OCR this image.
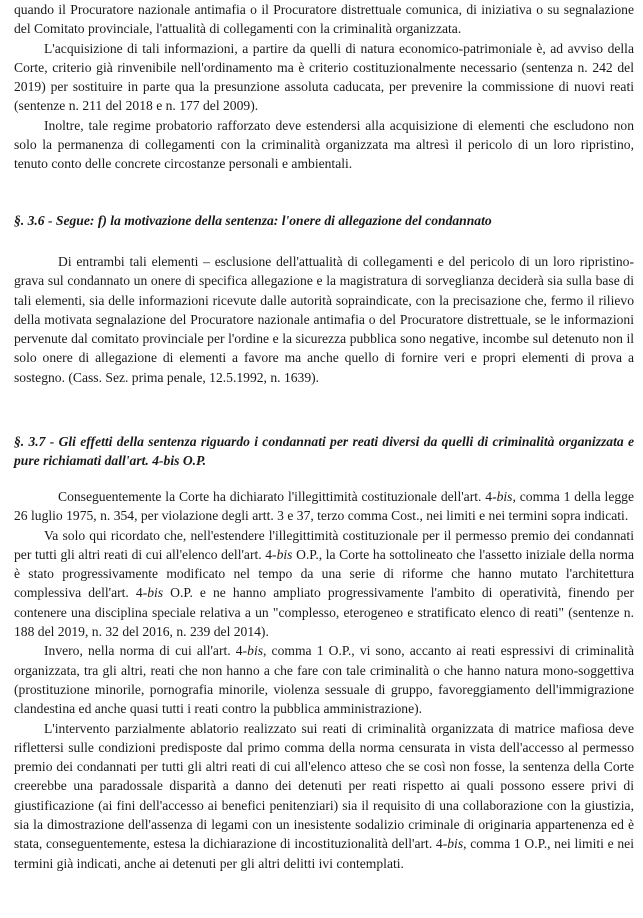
quando il Procuratore nazionale antimafia o il Procuratore distrettuale comunica, di iniziativa o su segnalazione del Comitato provinciale, l'attualità di collegamenti con la criminalità organizzata.

L'acquisizione di tali informazioni, a partire da quelli di natura economico-patrimoniale è, ad avviso della Corte, criterio già rinvenibile nell'ordinamento ma è criterio costituzionalmente necessario (sentenza n. 242 del 2019) per sostituire in parte qua la presunzione assoluta caducata, per prevenire la commissione di nuovi reati (sentenze n. 211 del 2018 e n. 177 del 2009).

Inoltre, tale regime probatorio rafforzato deve estendersi alla acquisizione di elementi che escludono non solo la permanenza di collegamenti con la criminalità organizzata ma altresì il pericolo di un loro ripristino, tenuto conto delle concrete circostanze personali e ambientali.

§. 3.6 - Segue: f) la motivazione della sentenza: l'onere di allegazione del condannato

Di entrambi tali elementi – esclusione dell'attualità di collegamenti e del pericolo di un loro ripristino- grava sul condannato un onere di specifica allegazione e la magistratura di sorveglianza deciderà sia sulla base di tali elementi, sia delle informazioni ricevute dalle autorità sopraindicate, con la precisazione che, fermo il rilievo della motivata segnalazione del Procuratore nazionale antimafia o del Procuratore distrettuale, se le informazioni pervenute dal comitato provinciale per l'ordine e la sicurezza pubblica sono negative, incombe sul detenuto non il solo onere di allegazione di elementi a favore ma anche quello di fornire veri e propri elementi di prova a sostegno. (Cass. Sez. prima penale, 12.5.1992, n. 1639).

§. 3.7 - Gli effetti della sentenza riguardo i condannati per reati diversi da quelli di criminalità organizzata e pure richiamati dall'art. 4-bis O.P.

Conseguentemente la Corte ha dichiarato l'illegittimità costituzionale dell'art. 4-bis, comma 1 della legge 26 luglio 1975, n. 354, per violazione degli artt. 3 e 37, terzo comma Cost., nei limiti e nei termini sopra indicati.

Va solo qui ricordato che, nell'estendere l'illegittimità costituzionale per il permesso premio dei condannati per tutti gli altri reati di cui all'elenco dell'art. 4-bis O.P., la Corte ha sottolineato che l'assetto iniziale della norma è stato progressivamente modificato nel tempo da una serie di riforme che hanno mutato l'architettura complessiva dell'art. 4-bis O.P. e ne hanno ampliato progressivamente l'ambito di operatività, finendo per contenere una disciplina speciale relativa a un "complesso, eterogeneo e stratificato elenco di reati" (sentenze n. 188 del 2019, n. 32 del 2016, n. 239 del 2014).

Invero, nella norma di cui all'art. 4-bis, comma 1 O.P., vi sono, accanto ai reati espressivi di criminalità organizzata, tra gli altri, reati che non hanno a che fare con tale criminalità o che hanno natura mono-soggettiva (prostituzione minorile, pornografia minorile, violenza sessuale di gruppo, favoreggiamento dell'immigrazione clandestina ed anche quasi tutti i reati contro la pubblica amministrazione).

L'intervento parzialmente ablatorio realizzato sui reati di criminalità organizzata di matrice mafiosa deve riflettersi sulle condizioni predisposte dal primo comma della norma censurata in vista dell'accesso al permesso premio dei condannati per tutti gli altri reati di cui all'elenco atteso che se così non fosse, la sentenza della Corte creerebbe una paradossale disparità a danno dei detenuti per reati rispetto ai quali possono essere privi di giustificazione (ai fini dell'accesso ai benefici penitenziari) sia il requisito di una collaborazione con la giustizia, sia la dimostrazione dell'assenza di legami con un inesistente sodalizio criminale di originaria appartenenza ed è stata, conseguentemente, estesa la dichiarazione di incostituzionalità dell'art. 4-bis, comma 1 O.P., nei limiti e nei termini già indicati, anche ai detenuti per gli altri delitti ivi contemplati.
